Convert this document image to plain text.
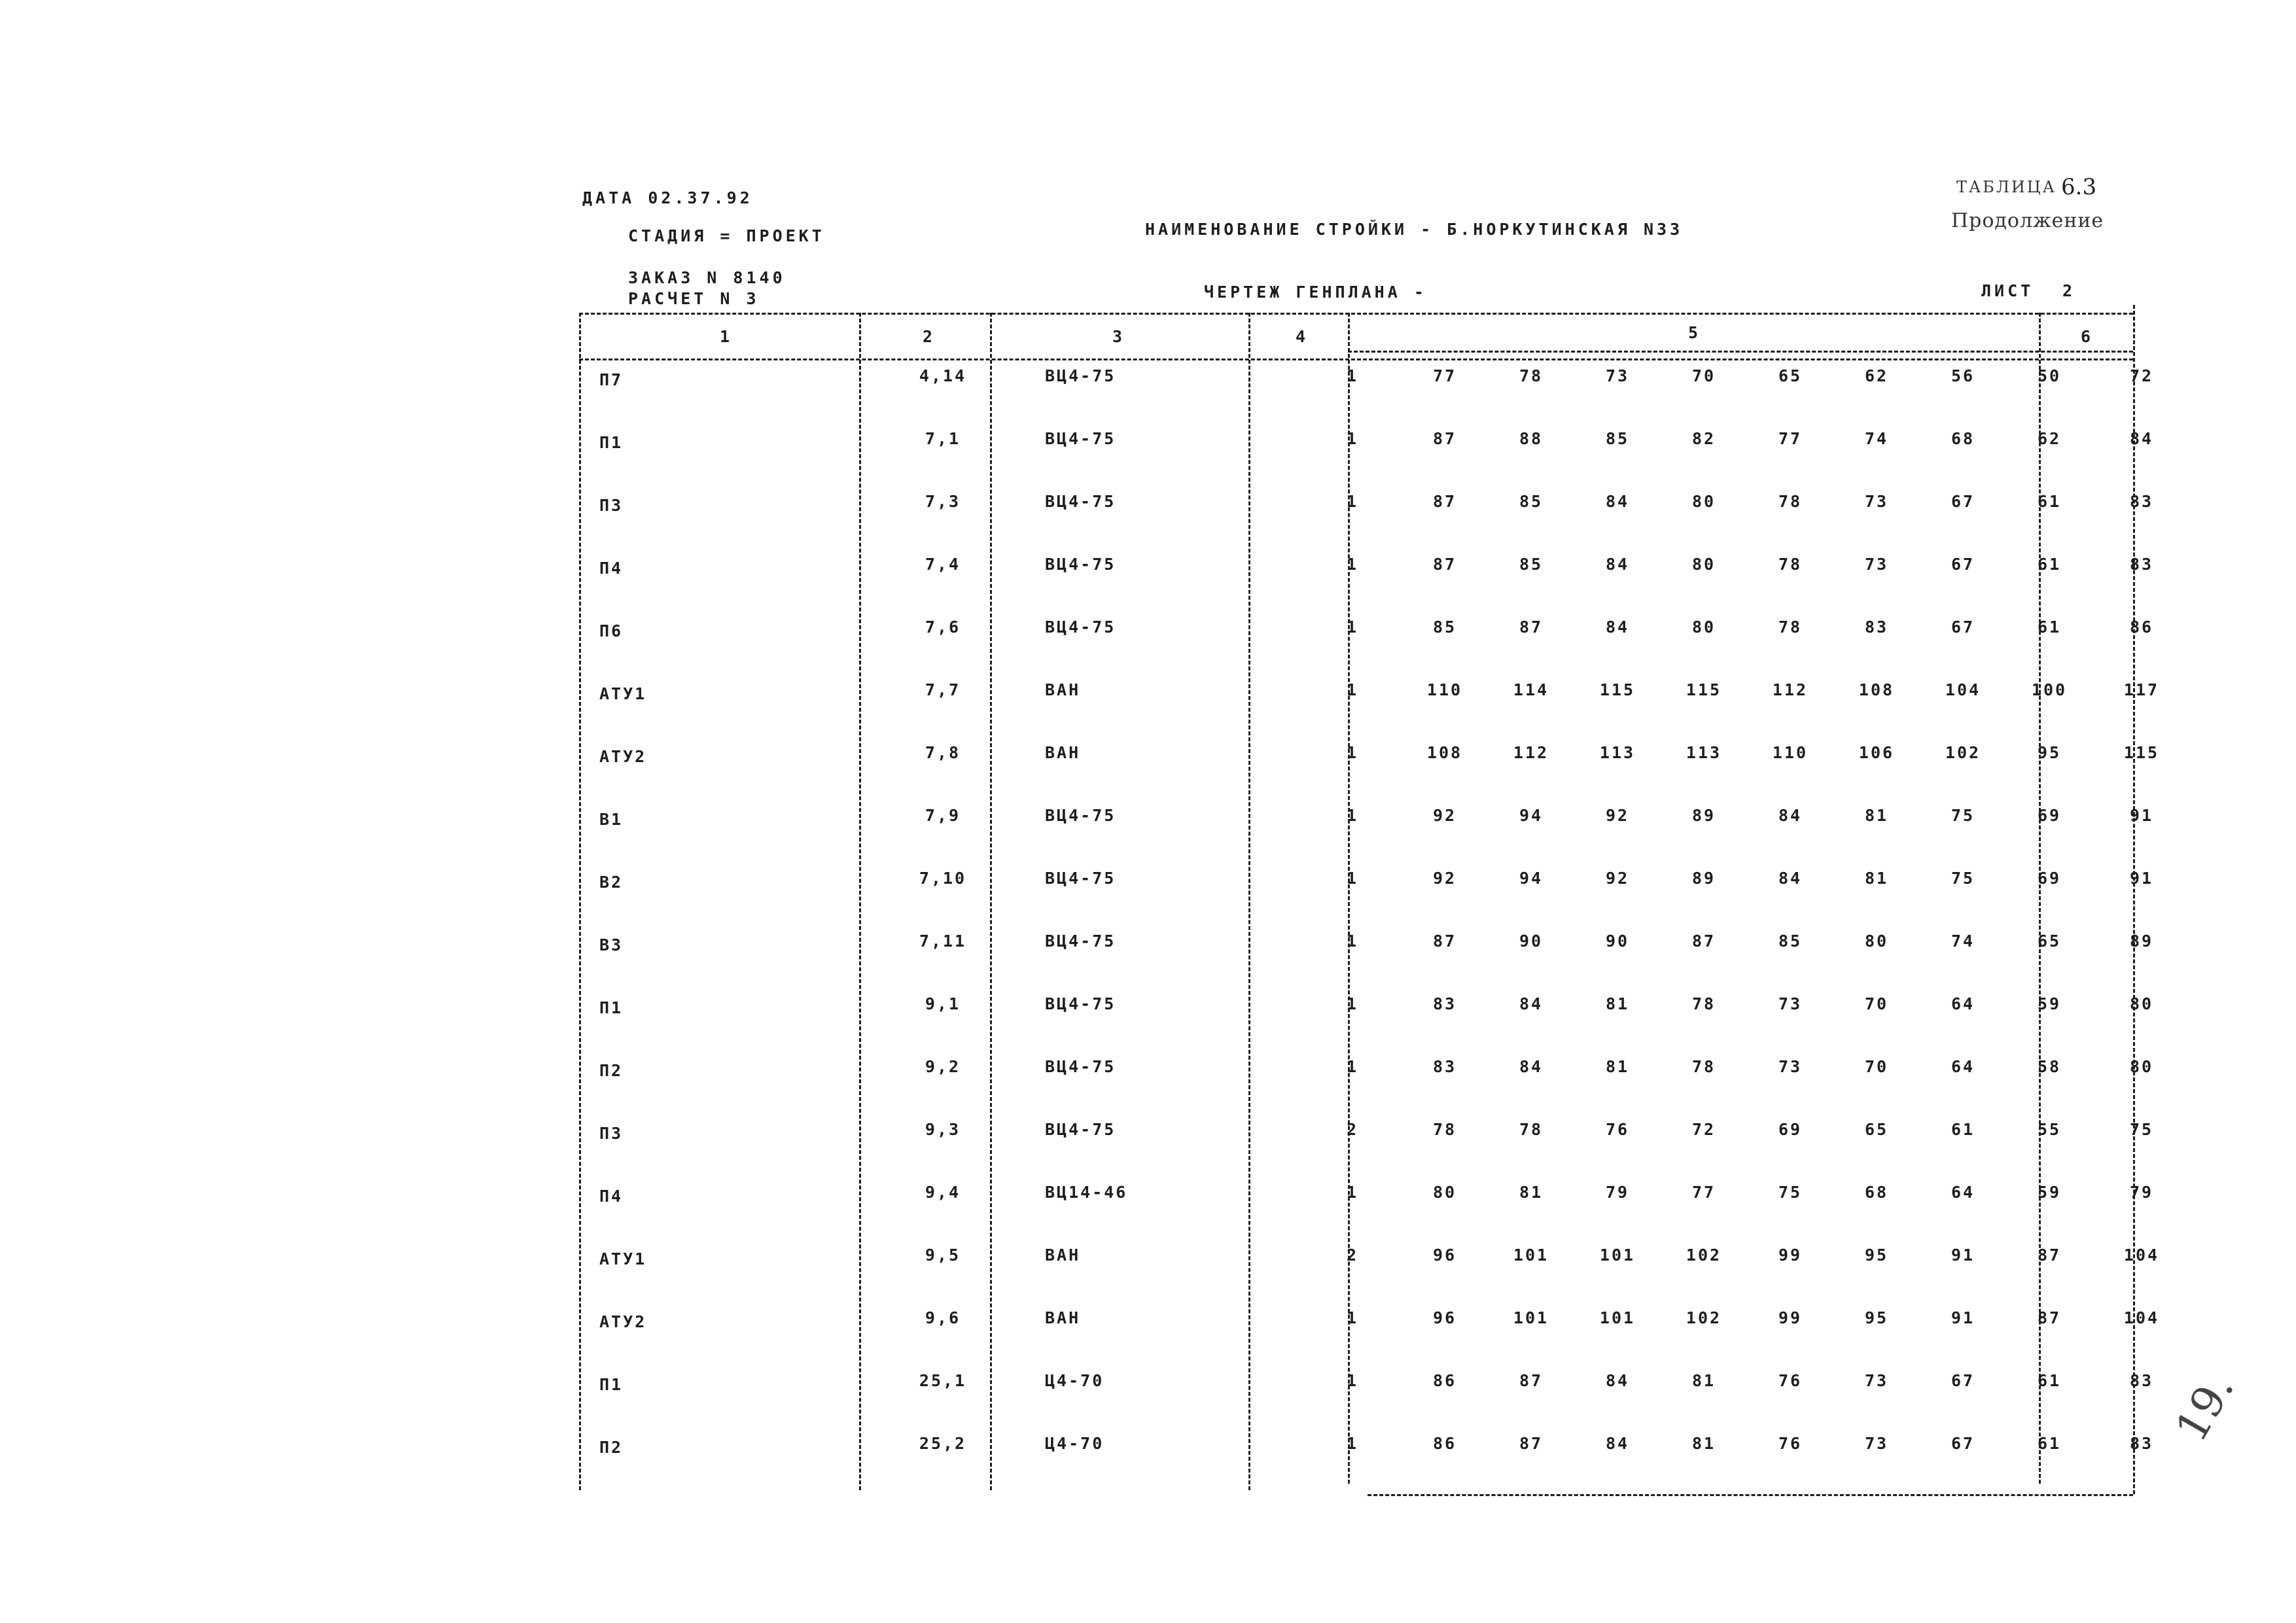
ДАТА 02.37.92
СТАДИЯ = ПРОЕКТ
ЗАКАЗ N 8140
РАСЧЕТ N 3
НАИМЕНОВАНИЕ СТРОЙКИ - Б.НОРКУТИНСКАЯ N33
ЧЕРТЕЖ ГЕНПЛАНА -	ЛИСТ 2
ТАБЛИЦА 6.3
Продолжение
1	2	3	4	5	6
П7	4,14	ВЦ4-75	1	77	78	73	70	65	62	56	50	72
П1	7,1	ВЦ4-75	1	87	88	85	82	77	74	68	62	84
П3	7,3	ВЦ4-75	1	87	85	84	80	78	73	67	61	83
П4	7,4	ВЦ4-75	1	87	85	84	80	78	73	67	61	83
П6	7,6	ВЦ4-75	1	85	87	84	80	78	83	67	61	86
АТУ1	7,7	ВАН	1	110	114	115	115	112	108	104	100	117
АТУ2	7,8	ВАН	1	108	112	113	113	110	106	102	95	115
В1	7,9	ВЦ4-75	1	92	94	92	89	84	81	75	69	91
В2	7,10	ВЦ4-75	1	92	94	92	89	84	81	75	69	91
В3	7,11	ВЦ4-75	1	87	90	90	87	85	80	74	65	89
П1	9,1	ВЦ4-75	1	83	84	81	78	73	70	64	59	80
П2	9,2	ВЦ4-75	1	83	84	81	78	73	70	64	58	80
П3	9,3	ВЦ4-75	2	78	78	76	72	69	65	61	55	75
П4	9,4	ВЦ14-46	1	80	81	79	77	75	68	64	59	79
АТУ1	9,5	ВАН	2	96	101	101	102	99	95	91	87	104
АТУ2	9,6	ВАН	1	96	101	101	102	99	95	91	87	104
П1	25,1	Ц4-70	1	86	87	84	81	76	73	67	61	83
П2	25,2	Ц4-70	1	86	87	84	81	76	73	67	61	83 19.
